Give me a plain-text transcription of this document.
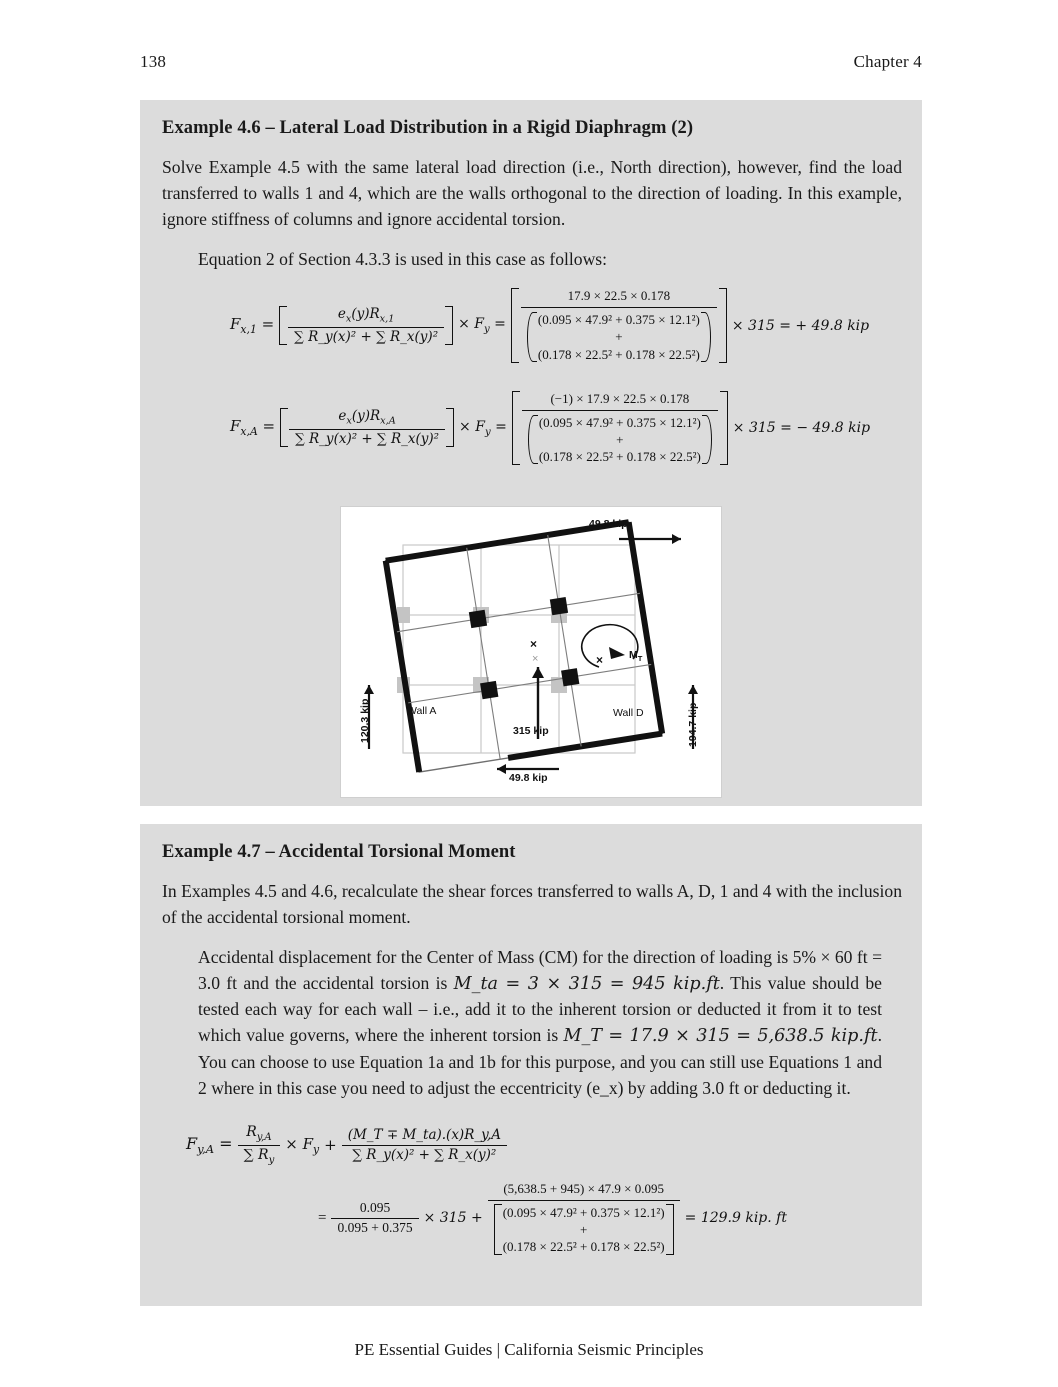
138	Chapter 4
Example 4.6 – Lateral Load Distribution in a Rigid Diaphragm (2)
Solve Example 4.5 with the same lateral load direction (i.e., North direction), however, find the load transferred to walls 1 and 4, which are the walls orthogonal to the direction of loading. In this example, ignore stiffness of columns and ignore accidental torsion.
Equation 2 of Section 4.3.3 is used in this case as follows:
$F_{x,1} = \frac{e_x(y)R_{x,1}}{\text{∑ R\_y(x)² + ∑ R\_x(y)²}} \times F_y$ =
17.9 × 22.5 × 0.178
(0.095 × 47.9² + 0.375 × 12.1²)
+
(0.178 × 22.5² + 0.178 × 22.5²)
× 315 = + 49.8 kip
$F_{x,A} = \frac{e_x(y)R_{x,A}}{\text{∑ R\_y(x)² + ∑ R\_x(y)²}} \times F_y$ =
(−1) × 17.9 × 22.5 × 0.178
(0.095 × 47.9² + 0.375 × 12.1²)
+
(0.178 × 22.5² + 0.178 × 22.5²)
× 315 = − 49.8 kip
×
×	×
49.8 kip
49.8 kip
120.3 kip	194.7 kip
315 kip
Wall A	Wall D
$M_T$
Example 4.7 – Accidental Torsional Moment
In Examples 4.5 and 4.6, recalculate the shear forces transferred to walls A, D, 1 and 4 with the inclusion of the accidental torsional moment.
Accidental displacement for the Center of Mass (CM) for the direction of loading is 5% × 60 ft = 3.0 ft and the accidental torsion is M_ta = 3 × 315 = 945 kip.ft. This value should be tested each way for each wall – i.e., add it to the inherent torsion or deducted it from it to test which value governs, where the inherent torsion is M_T = 17.9 × 315 = 5,638.5 kip.ft. You can choose to use Equation 1a and 1b for this purpose, and you can still use Equations 1 and 2 where in this case you need to adjust the eccentricity (e_x) by adding 3.0 ft or deducting it.
$F_{y,A} = \frac{R_{y,A}}{\sum R_y} \times F_y + \frac{(M\_T \mp M\_ta).(x)R\_y,A}{\text{∑ R\_y(x)² + ∑ R\_x(y)²}}$
= $\frac{0.095}{0.095 + 0.375} \times 315$ +
(5,638.5 + 945) × 47.9 × 0.095
(0.095 × 47.9² + 0.375 × 12.1²)
+
(0.178 × 22.5² + 0.178 × 22.5²)
= 129.9 kip. ft
PE Essential Guides | California Seismic Principles
